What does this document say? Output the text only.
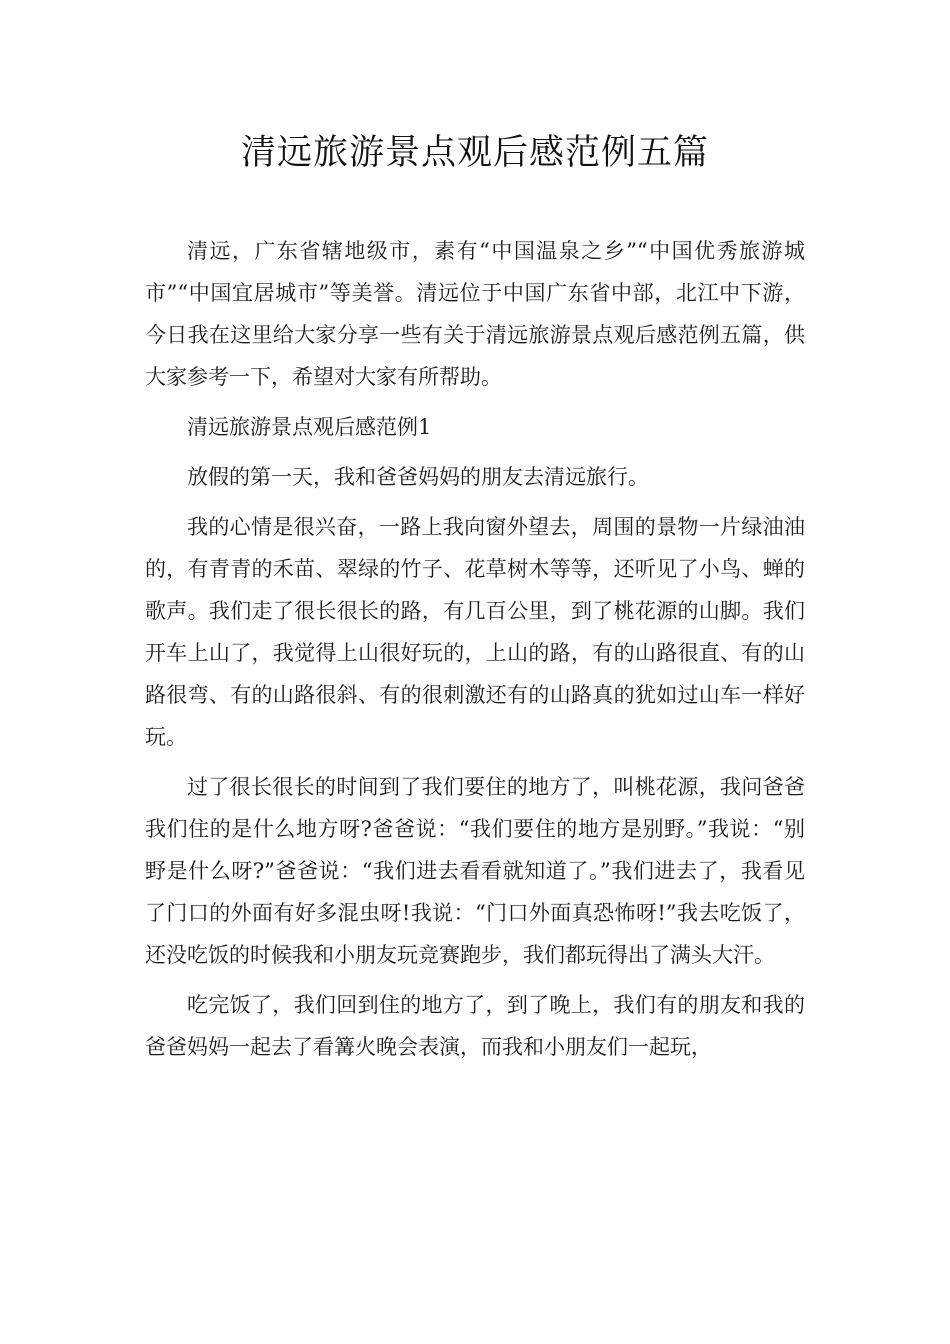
清远旅游景点观后感范例五篇

清远，广东省辖地级市，素有“中国温泉之乡”“中国优秀旅游城市”“中国宜居城市”等美誉。清远位于中国广东省中部，北江中下游，今日我在这里给大家分享一些有关于清远旅游景点观后感范例五篇，供大家参考一下，希望对大家有所帮助。

清远旅游景点观后感范例1

放假的第一天，我和爸爸妈妈的朋友去清远旅行。

我的心情是很兴奋，一路上我向窗外望去，周围的景物一片绿油油的，有青青的禾苗、翠绿的竹子、花草树木等等，还听见了小鸟、蝉的歌声。我们走了很长很长的路，有几百公里，到了桃花源的山脚。我们开车上山了，我觉得上山很好玩的，上山的路，有的山路很直、有的山路很弯、有的山路很斜、有的很刺激还有的山路真的犹如过山车一样好玩。

过了很长很长的时间到了我们要住的地方了，叫桃花源，我问爸爸我们住的是什么地方呀?爸爸说：“我们要住的地方是别野。”我说：“别野是什么呀?”爸爸说：“我们进去看看就知道了。”我们进去了，我看见了门口的外面有好多混虫呀!我说：“门口外面真恐怖呀!”我去吃饭了，还没吃饭的时候我和小朋友玩竞赛跑步，我们都玩得出了满头大汗。

吃完饭了，我们回到住的地方了，到了晚上，我们有的朋友和我的爸爸妈妈一起去了看篝火晚会表演，而我和小朋友们一起玩，
